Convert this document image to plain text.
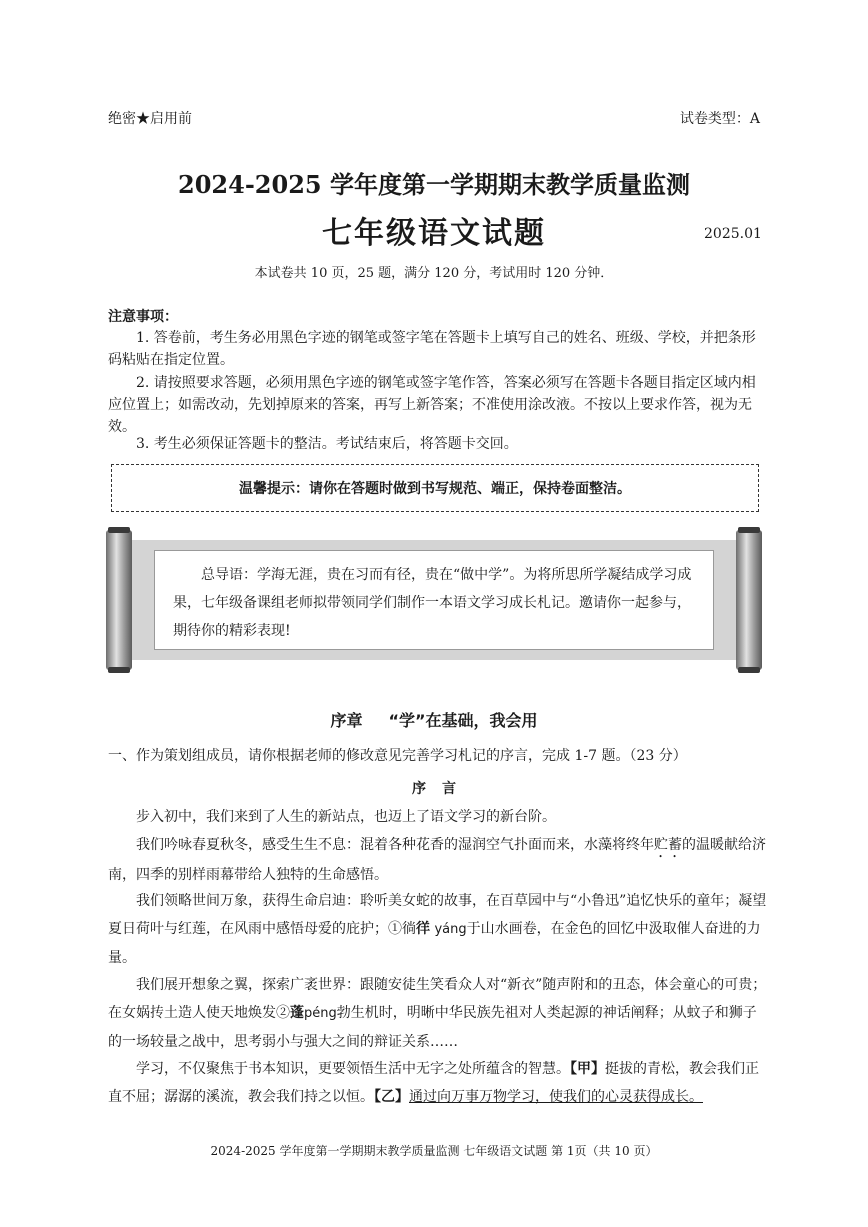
绝密★启用前	试卷类型：A
2024-2025 学年度第一学期期末教学质量监测
七年级语文试题	2025.01
本试卷共 10 页，25 题，满分 120 分，考试用时 120 分钟．
注意事项：
1. 答卷前，考生务必用黑色字迹的钢笔或签字笔在答题卡上填写自己的姓名、班级、学校，并把条形码粘贴在指定位置。
2. 请按照要求答题，必须用黑色字迹的钢笔或签字笔作答，答案必须写在答题卡各题目指定区域内相应位置上；如需改动，先划掉原来的答案，再写上新答案；不准使用涂改液。不按以上要求作答，视为无效。
3. 考生必须保证答题卡的整洁。考试结束后，将答题卡交回。
温馨提示：请你在答题时做到书写规范、端正，保持卷面整洁。
总导语：学海无涯，贵在习而有径，贵在“做中学”。为将所思所学凝结成学习成果，七年级备课组老师拟带领同学们制作一本语文学习成长札记。邀请你一起参与，期待你的精彩表现!
序章 “学”在基础，我会用
一、作为策划组成员，请你根据老师的修改意见完善学习札记的序言，完成 1-7 题。（23 分）
序言
步入初中，我们来到了人生的新站点，也迈上了语文学习的新台阶。
我们吟咏春夏秋冬，感受生生不息：混着各种花香的湿润空气扑面而来，水藻将终年贮蓄的温暖献给济南，四季的别样雨幕带给人独特的生命感悟。
我们领略世间万象，获得生命启迪：聆听美女蛇的故事，在百草园中与“小鲁迅”追忆快乐的童年；凝望夏日荷叶与红莲，在风雨中感悟母爱的庇护；①徜徉 yáng于山水画卷，在金色的回忆中汲取催人奋进的力量。
我们展开想象之翼，探索广袤世界：跟随安徒生笑看众人对“新衣”随声附和的丑态，体会童心的可贵；在女娲抟土造人使天地焕发②蓬péng勃生机时，明晰中华民族先祖对人类起源的神话阐释；从蚊子和狮子的一场较量之战中，思考弱小与强大之间的辩证关系……
学习，不仅聚焦于书本知识，更要领悟生活中无字之处所蕴含的智慧。【甲】挺拔的青松，教会我们正直不屈；潺潺的溪流，教会我们持之以恒。【乙】通过向万事万物学习，使我们的心灵获得成长。
2024-2025 学年度第一学期期末教学质量监测 七年级语文试题 第 1页（共 10 页）
